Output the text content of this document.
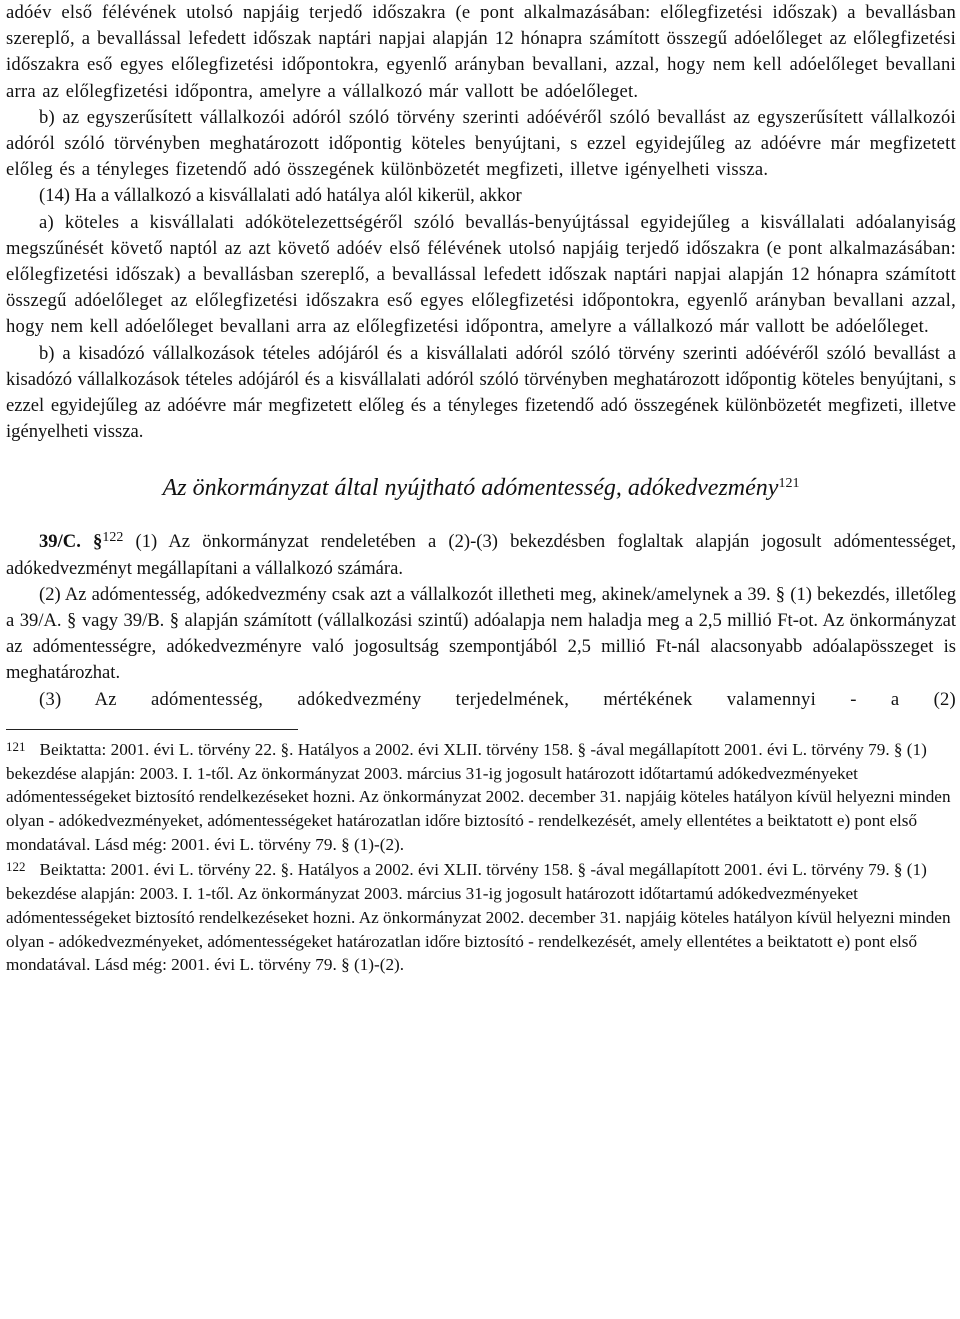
adóév első félévének utolsó napjáig terjedő időszakra (e pont alkalmazásában: előlegfizetési időszak) a bevallásban szereplő, a bevallással lefedett időszak naptári napjai alapján 12 hónapra számított összegű adóelőleget az előlegfizetési időszakra eső egyes előlegfizetési időpontokra, egyenlő arányban bevallani, azzal, hogy nem kell adóelőleget bevallani arra az előlegfizetési időpontra, amelyre a vállalkozó már vallott be adóelőleget.

b) az egyszerűsített vállalkozói adóról szóló törvény szerinti adóévéről szóló bevallást az egyszerűsített vállalkozói adóról szóló törvényben meghatározott időpontig köteles benyújtani, s ezzel egyidejűleg az adóévre már megfizetett előleg és a tényleges fizetendő adó összegének különbözetét megfizeti, illetve igényelheti vissza.

(14) Ha a vállalkozó a kisvállalati adó hatálya alól kikerül, akkor

a) köteles a kisvállalati adókötelezettségéről szóló bevallás-benyújtással egyidejűleg a kisvállalati adóalanyiság megszűnését követő naptól az azt követő adóév első félévének utolsó napjáig terjedő időszakra (e pont alkalmazásában: előlegfizetési időszak) a bevallásban szereplő, a bevallással lefedett időszak naptári napjai alapján 12 hónapra számított összegű adóelőleget az előlegfizetési időszakra eső egyes előlegfizetési időpontokra, egyenlő arányban bevallani azzal, hogy nem kell adóelőleget bevallani arra az előlegfizetési időpontra, amelyre a vállalkozó már vallott be adóelőleget.

b) a kisadózó vállalkozások tételes adójáról és a kisvállalati adóról szóló törvény szerinti adóévéről szóló bevallást a kisadózó vállalkozások tételes adójáról és a kisvállalati adóról szóló törvényben meghatározott időpontig köteles benyújtani, s ezzel egyidejűleg az adóévre már megfizetett előleg és a tényleges fizetendő adó összegének különbözetét megfizeti, illetve igényelheti vissza.

Az önkormányzat által nyújtható adómentesség, adókedvezmény$^{121}$

39/C. §$^{122}$ (1) Az önkormányzat rendeletében a (2)-(3) bekezdésben foglaltak alapján jogosult adómentességet, adókedvezményt megállapítani a vállalkozó számára.

(2) Az adómentesség, adókedvezmény csak azt a vállalkozót illetheti meg, akinek/amelynek a 39. § (1) bekezdés, illetőleg a 39/A. § vagy 39/B. § alapján számított (vállalkozási szintű) adóalapja nem haladja meg a 2,5 millió Ft-ot. Az önkormányzat az adómentességre, adókedvezményre való jogosultság szempontjából 2,5 millió Ft-nál alacsonyabb adóalapösszeget is meghatározhat.

(3) Az adómentesség, adókedvezmény terjedelmének, mértékének valamennyi - a (2)

$^{121}$ Beiktatta: 2001. évi L. törvény 22. §. Hatályos a 2002. évi XLII. törvény 158. § -ával megállapított 2001. évi L. törvény 79. § (1) bekezdése alapján: 2003. I. 1-től. Az önkormányzat 2003. március 31-ig jogosult határozott időtartamú adókedvezményeket adómentességeket biztosító rendelkezéseket hozni. Az önkormányzat 2002. december 31. napjáig köteles hatályon kívül helyezni minden olyan - adókedvezményeket, adómentességeket határozatlan időre biztosító - rendelkezését, amely ellentétes a beiktatott e) pont első mondatával. Lásd még: 2001. évi L. törvény 79. § (1)-(2).

$^{122}$ Beiktatta: 2001. évi L. törvény 22. §. Hatályos a 2002. évi XLII. törvény 158. § -ával megállapított 2001. évi L. törvény 79. § (1) bekezdése alapján: 2003. I. 1-től. Az önkormányzat 2003. március 31-ig jogosult határozott időtartamú adókedvezményeket adómentességeket biztosító rendelkezéseket hozni. Az önkormányzat 2002. december 31. napjáig köteles hatályon kívül helyezni minden olyan - adókedvezményeket, adómentességeket határozatlan időre biztosító - rendelkezését, amely ellentétes a beiktatott e) pont első mondatával. Lásd még: 2001. évi L. törvény 79. § (1)-(2).
